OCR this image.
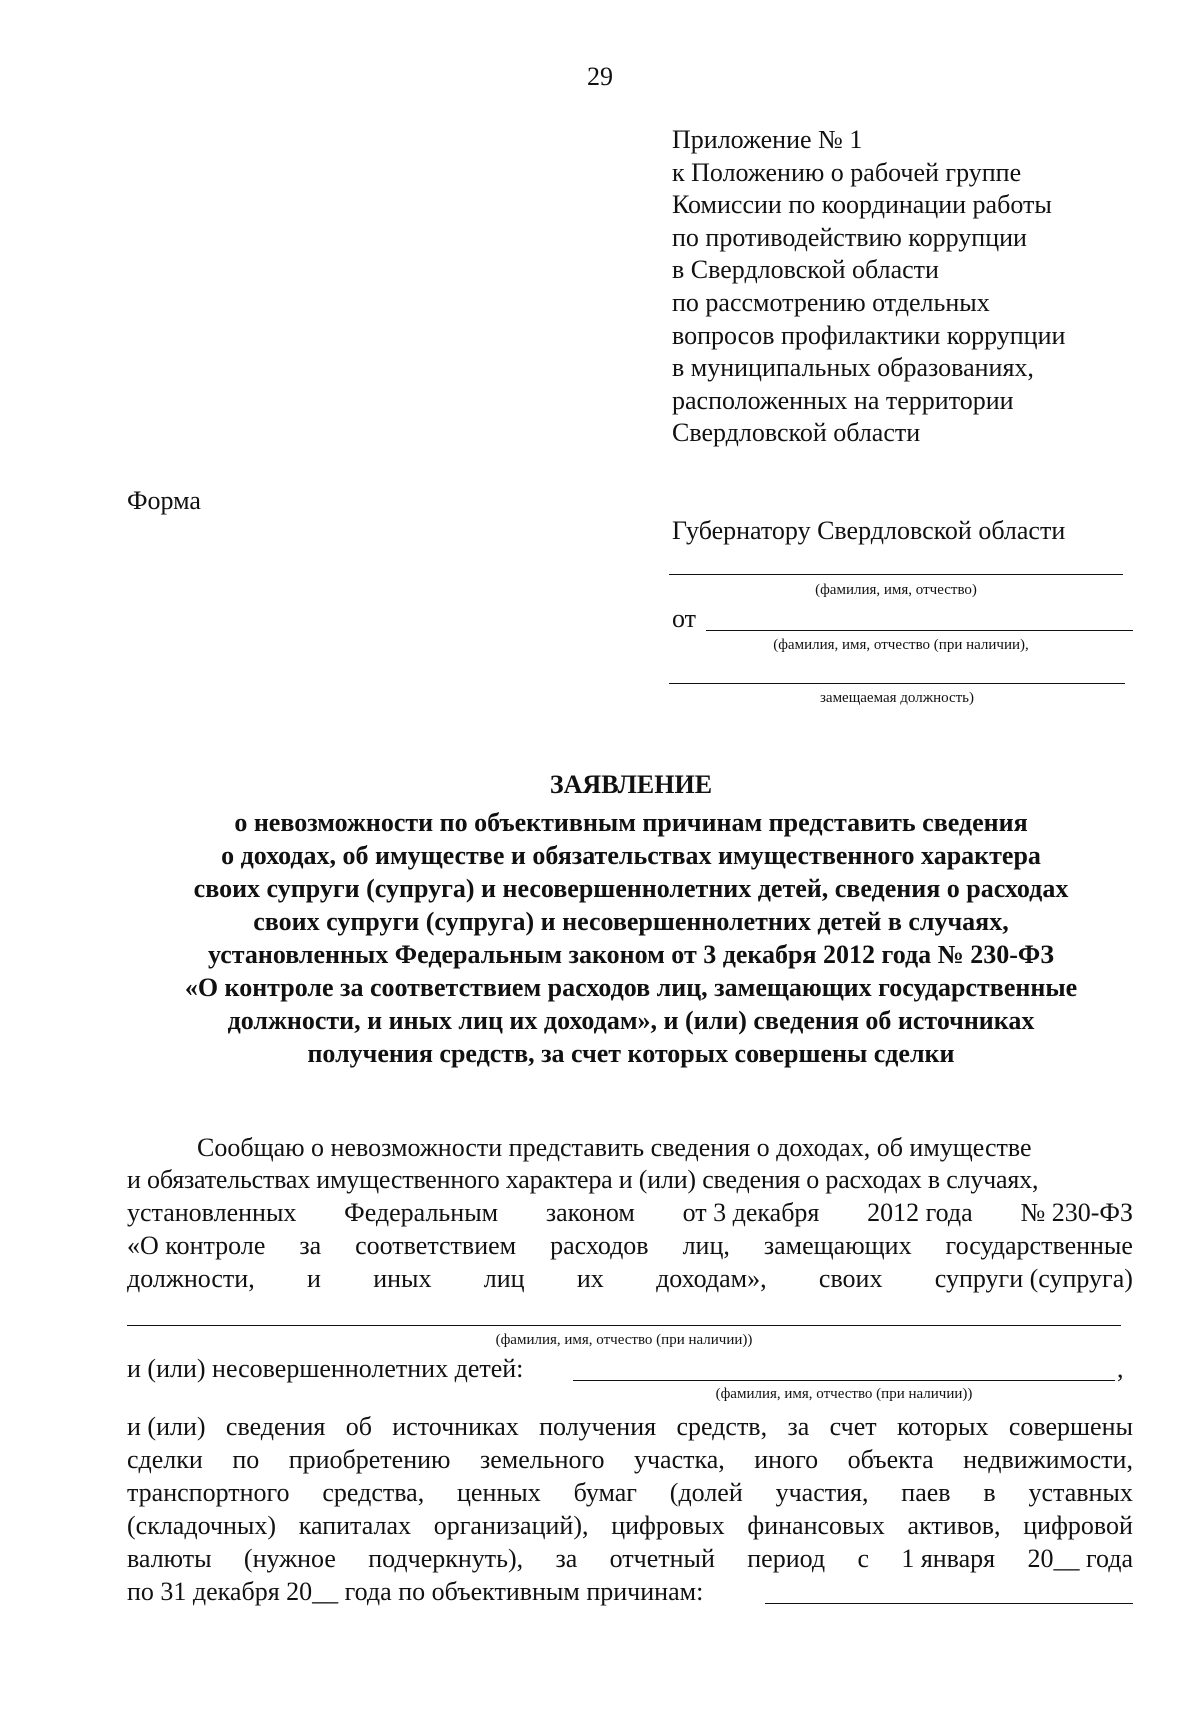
29
Приложение № 1
к Положению о рабочей группе
Комиссии по координации работы
по противодействию коррупции
в Свердловской области
по рассмотрению отдельных
вопросов профилактики коррупции
в муниципальных образованиях,
расположенных на территории
Свердловской области
Форма
Губернатору Свердловской области
(фамилия, имя, отчество)
от
(фамилия, имя, отчество (при наличии),
замещаемая должность)
ЗАЯВЛЕНИЕ
о невозможности по объективным причинам представить сведения
о доходах, об имуществе и обязательствах имущественного характера
своих супруги (супруга) и несовершеннолетних детей, сведения о расходах
своих супруги (супруга) и несовершеннолетних детей в случаях,
установленных Федеральным законом от 3 декабря 2012 года № 230-ФЗ
«О контроле за соответствием расходов лиц, замещающих государственные
должности, и иных лиц их доходам», и (или) сведения об источниках
получения средств, за счет которых совершены сделки
Сообщаю о невозможности представить сведения о доходах, об имуществе
и обязательствах имущественного характера и (или) сведения о расходах в случаях,
установленных Федеральным законом от 3 декабря 2012 года № 230-ФЗ
«О контроле за соответствием расходов лиц, замещающих государственные
должности, и иных лиц их доходам», своих супруги (супруга)
(фамилия, имя, отчество (при наличии))
и (или) несовершеннолетних детей:	,
(фамилия, имя, отчество (при наличии))
и (или) сведения об источниках получения средств, за счет которых совершены
сделки по приобретению земельного участка, иного объекта недвижимости,
транспортного средства, ценных бумаг (долей участия, паев в уставных
(складочных) капиталах организаций), цифровых финансовых активов, цифровой
валюты (нужное подчеркнуть), за отчетный период с 1 января 20__ года
по 31 декабря 20__ года по объективным причинам:
